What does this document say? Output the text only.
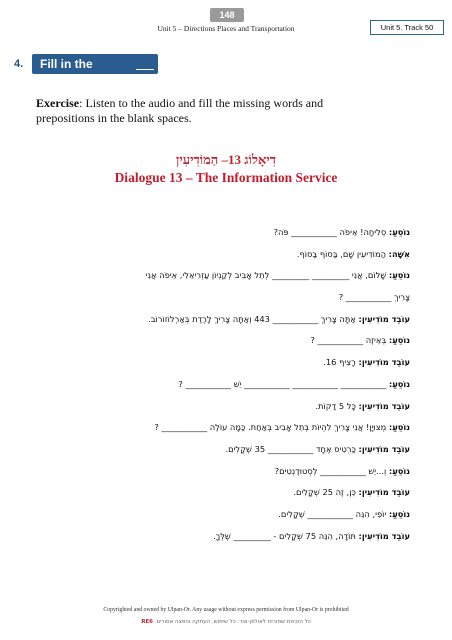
148
Unit 5 – Directions Places and Transportation	Unit 5. Track 50
4. Fill in the
Exercise: Listen to the audio and fill the missing words and prepositions in the blank spaces.
דִיאָלוֹג 13– הַמוֹדִיעִין
Dialogue 13 – The Information Service
נוֹסֵעַ: סְלִיחָה! אֵיפֹה ___________ פֹּה?
אִשָׁה: הַמוֹדִיעִין שָׁם, בַּסוֹף בַּסוֹף.
נוֹסֵעַ: שָׁלוֹם, אֲנִי _________ _________ לְתֵל אָבִיב לְקַנְיוֹן עַזְרִיאֵלִי, אֵיפֹה אֲנִי
צָרִיךְ ___________ ?
עוֹבֵד מוֹדִיעִין: אַתָּה צָרִיךְ ___________ 443 וְאַתָּה צָרִיךְ לָרֶדֶת בְּאַרְלוֹזוֹרוֹב.
נוֹסֵעַ: בְּאֵיזֶה ___________ ?
עוֹבֵד מוֹדִיעִין: רָצִיף 16.
נוֹסֵעַ: ___________ ___________ ___________ יֵשׁ ___________ ?
עוֹבֵד מוֹדִיעִין: כָּל 5 דַקוֹת.
נוֹסֵעַ: מְצוּיָן! אֲנִי צָרִיךְ לִהְיוֹת בְּתֵל אָבִיב בְּאַחַת. כַּמָה עוֹלֶה ___________ ?
עוֹבֵד מוֹדִיעִין: כַּרְטִיס אֶחָד ___________ 35 שְׁקָלִים.
נוֹסֵעַ: וְ...יֵשׁ ___________ לְסְטוּדֶנְטִים?
עוֹבֵד מוֹדִיעִין: כֵּן, זֶה 25 שְׁקָלִים.
נוֹסֵעַ: יוֹפִי, הִנֵּה ___________ שְׁקָלִים.
עוֹבֵד מוֹדִיעִין: תּוֹדָה, הִנֵּה 75 שְׁקָלִים - _________ שֶׁלְּךָ.
Copyrighted and owned by Ulpan-Or. Any usage without express permission from Ulpan-Or is prohibited
כל הזכויות שמורות לאולפן-אור. כל שימוש, העתקה והפצה אסורים. RE6
